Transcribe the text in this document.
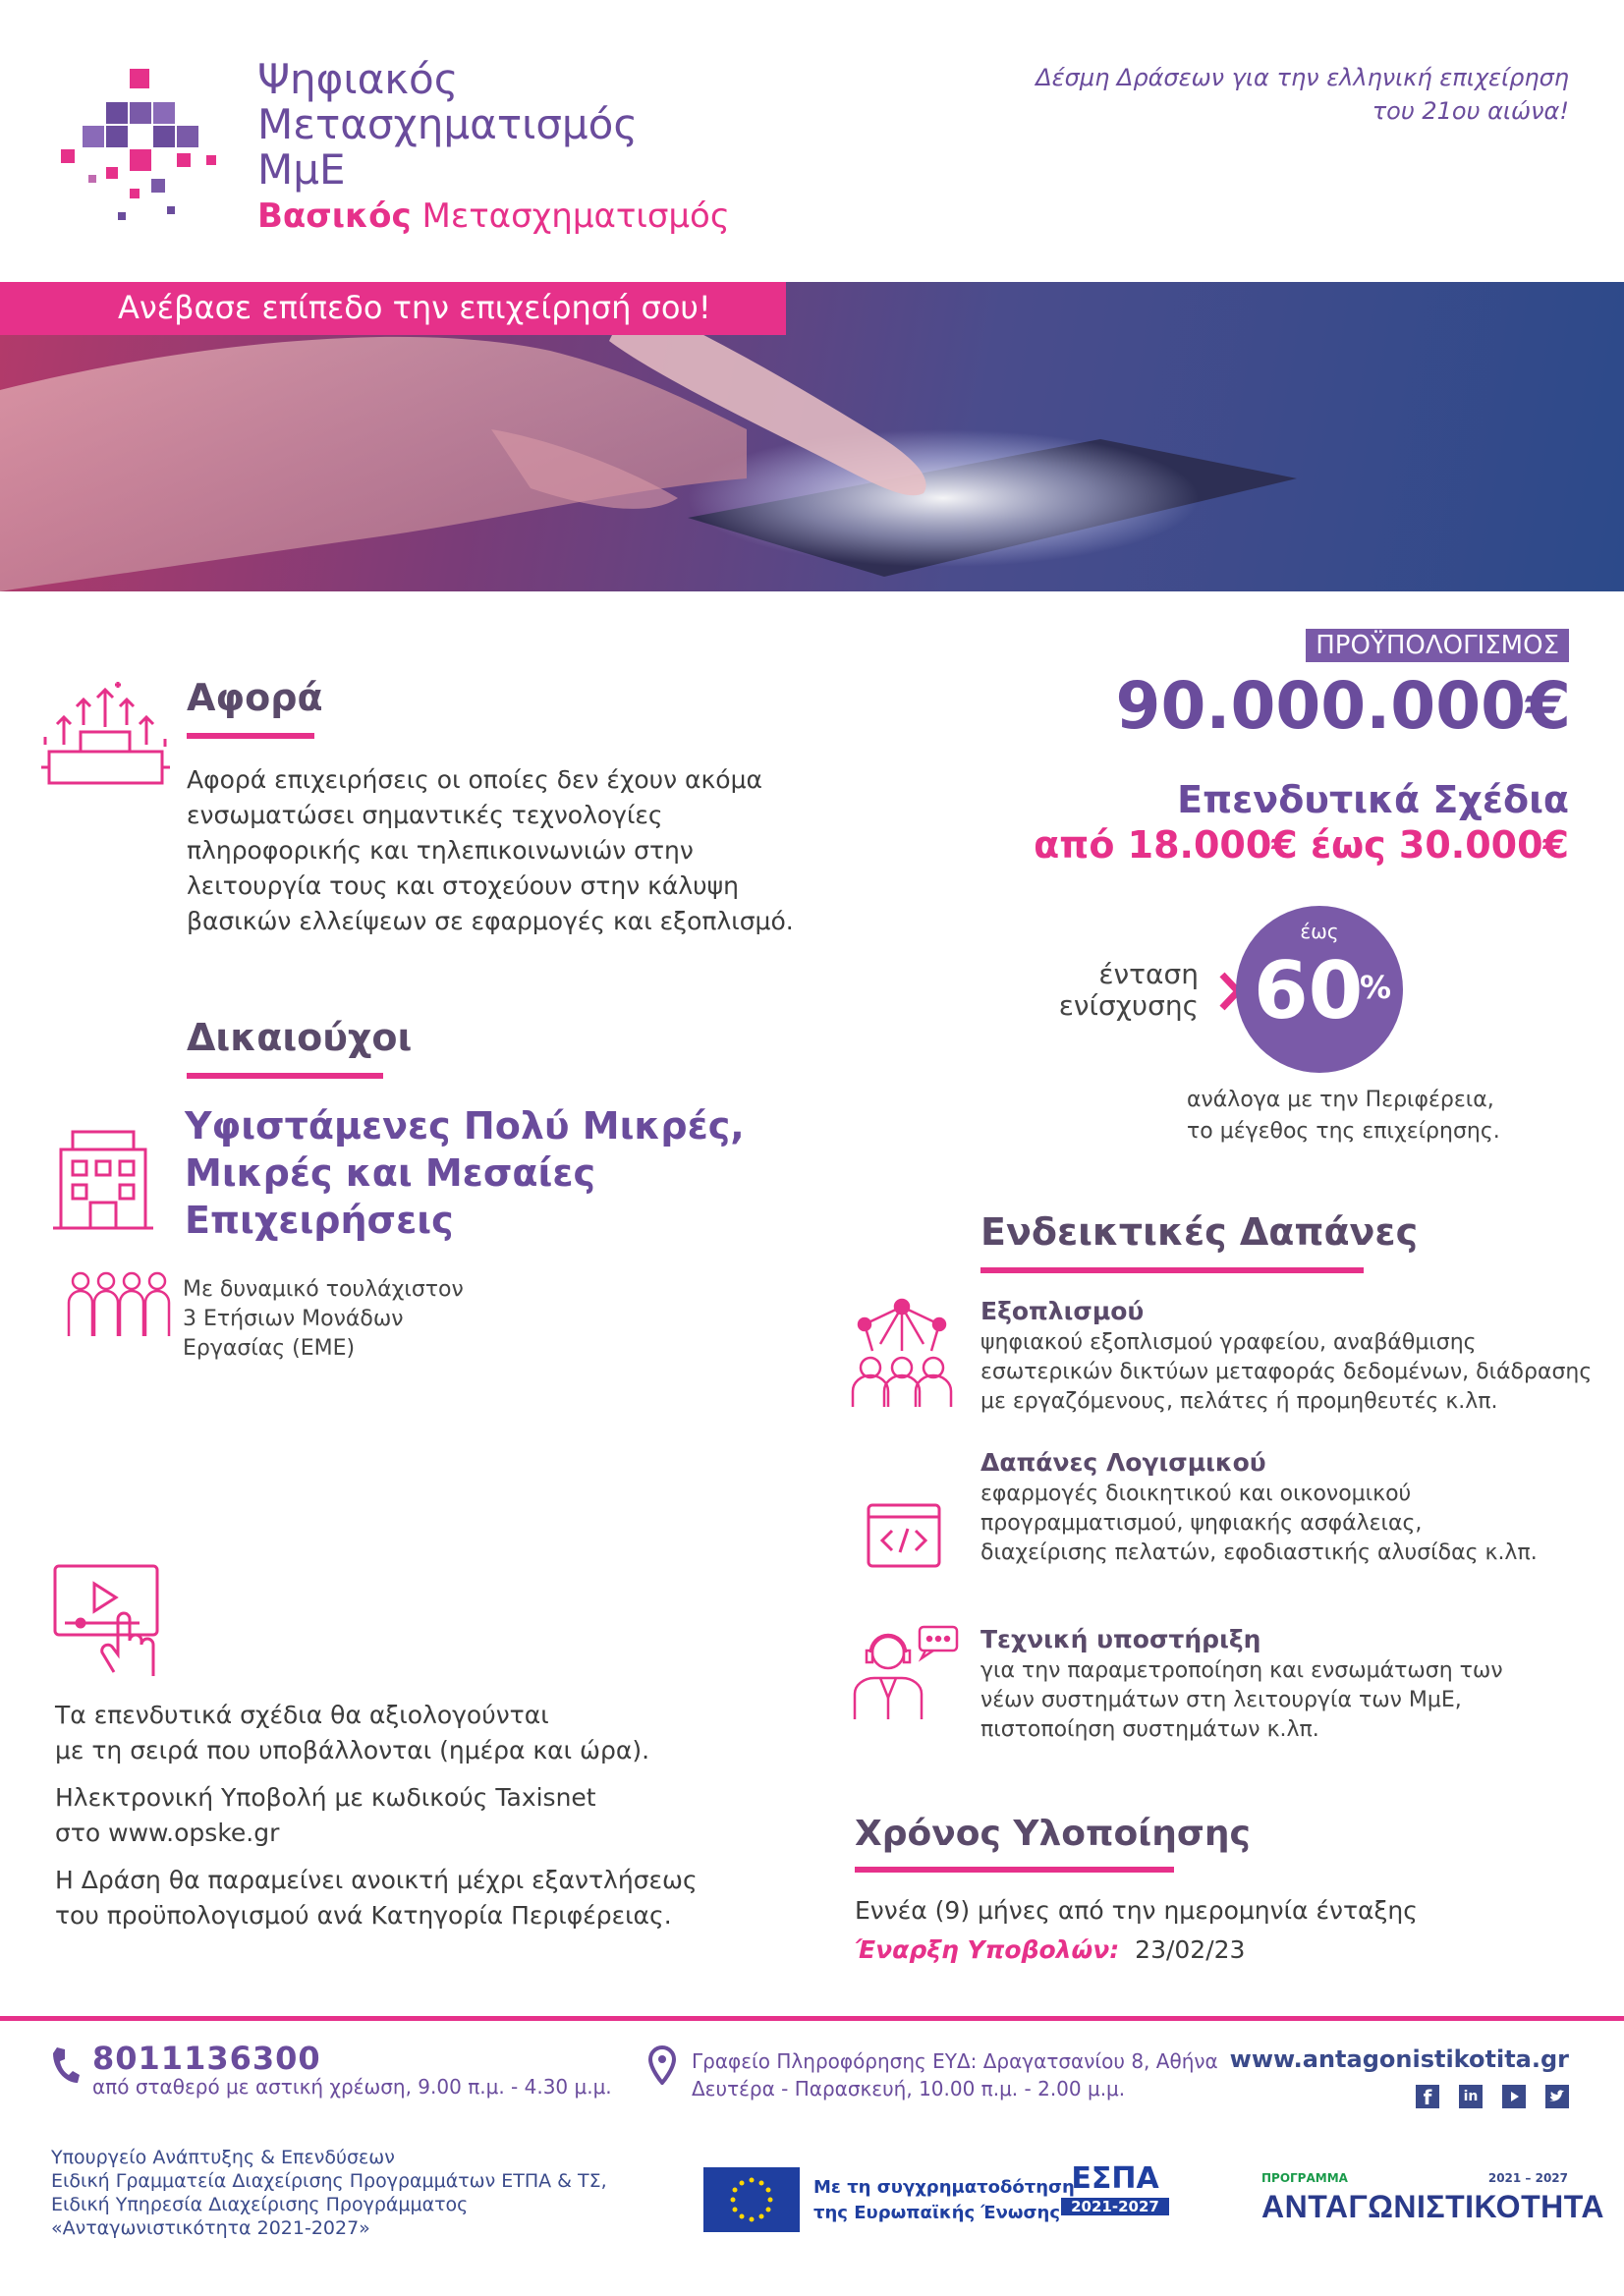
Ψηφιακός
Μετασχηματισμός
ΜμΕ
Βασικός Μετασχηματισμός
Δέσμη Δράσεων για την ελληνική επιχείρηση
του 21ου αιώνα!
Ανέβασε επίπεδο την επιχείρησή σου!
Αφορά
Αφορά επιχειρήσεις οι οποίες δεν έχουν ακόμα
ενσωματώσει σημαντικές τεχνολογίες
πληροφορικής και τηλεπικοινωνιών στην
λειτουργία τους και στοχεύουν στην κάλυψη
βασικών ελλείψεων σε εφαρμογές και εξοπλισμό.
ΠΡΟΫΠΟΛΟΓΙΣΜΟΣ
90.000.000€
Επενδυτικά Σχέδια
από 18.000€ έως 30.000€
ένταση
ενίσχυσης
έως
60
%
ανάλογα με την Περιφέρεια,
το μέγεθος της επιχείρησης.
Δικαιούχοι
Υφιστάμενες Πολύ Μικρές,
Μικρές και Μεσαίες
Επιχειρήσεις
Με δυναμικό τουλάχιστον
3 Ετήσιων Μονάδων
Εργασίας (ΕΜΕ)
Ενδεικτικές Δαπάνες
Εξοπλισμού
ψηφιακού εξοπλισμού γραφείου, αναβάθμισης
εσωτερικών δικτύων μεταφοράς δεδομένων, διάδρασης
με εργαζόμενους, πελάτες ή προμηθευτές κ.λπ.
Δαπάνες Λογισμικού
εφαρμογές διοικητικού και οικονομικού
προγραμματισμού, ψηφιακής ασφάλειας,
διαχείρισης πελατών, εφοδιαστικής αλυσίδας κ.λπ.
Τεχνική υποστήριξη
για την παραμετροποίηση και ενσωμάτωση των
νέων συστημάτων στη λειτουργία των ΜμΕ,
πιστοποίηση συστημάτων κ.λπ.
Τα επενδυτικά σχέδια θα αξιολογούνται
με τη σειρά που υποβάλλονται (ημέρα και ώρα).
Ηλεκτρονική Υποβολή με κωδικούς Taxisnet
στο www.opske.gr
Η Δράση θα παραμείνει ανοικτή μέχρι εξαντλήσεως
του προϋπολογισμού ανά Κατηγορία Περιφέρειας.
Χρόνος Υλοποίησης
Εννέα (9) μήνες από την ημερομηνία ένταξης
Έναρξη Υποβολών: 23/02/23
8011136300
από σταθερό με αστική χρέωση, 9.00 π.μ. - 4.30 μ.μ.
Γραφείο Πληροφόρησης ΕΥΔ: Δραγατσανίου 8, Αθήνα
Δευτέρα - Παρασκευή, 10.00 π.μ. - 2.00 μ.μ.
www.antagonistikotita.gr
f	in
Υπουργείο Ανάπτυξης & Επενδύσεων
Ειδική Γραμματεία Διαχείρισης Προγραμμάτων ΕΤΠΑ & ΤΣ,
Ειδική Υπηρεσία Διαχείρισης Προγράμματος
«Ανταγωνιστικότητα 2021-2027»
Με τη συγχρηματοδότηση
της Ευρωπαϊκής Ένωσης
ΕΣΠΑ
2021-2027
ΠΡΟΓΡΑΜΜΑ	2021 – 2027
ΑΝΤΑΓΩΝΙΣΤΙΚΟΤΗΤΑ
